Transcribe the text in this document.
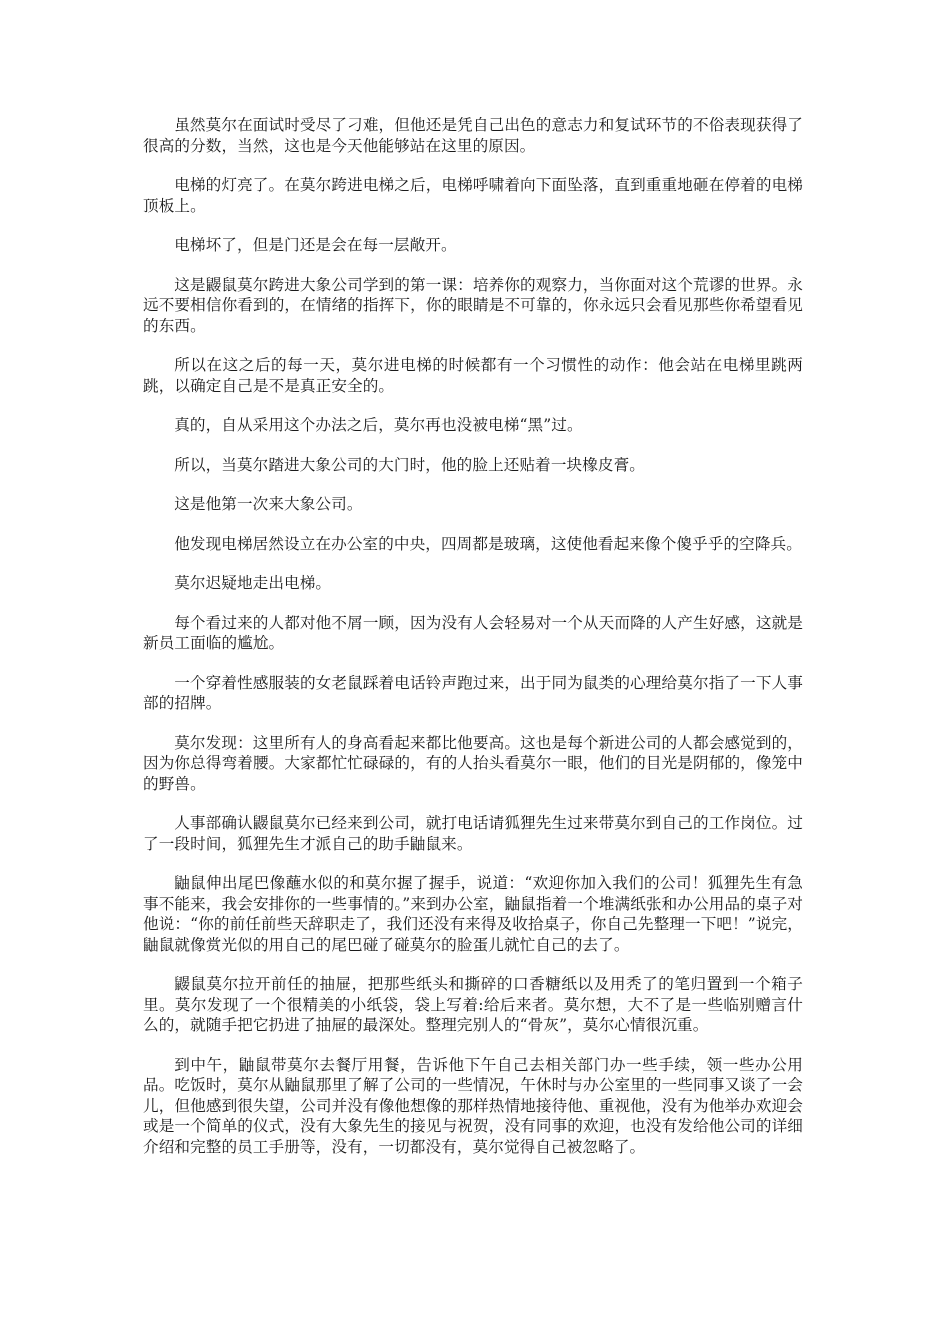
虽然莫尔在面试时受尽了刁难，但他还是凭自己出色的意志力和复试环节的不俗表现获得了很高的分数，当然，这也是今天他能够站在这里的原因。

电梯的灯亮了。在莫尔跨进电梯之后，电梯呼啸着向下面坠落，直到重重地砸在停着的电梯顶板上。

电梯坏了，但是门还是会在每一层敞开。

这是鼹鼠莫尔跨进大象公司学到的第一课：培养你的观察力，当你面对这个荒谬的世界。永远不要相信你看到的，在情绪的指挥下，你的眼睛是不可靠的，你永远只会看见那些你希望看见的东西。

所以在这之后的每一天，莫尔进电梯的时候都有一个习惯性的动作：他会站在电梯里跳两跳，以确定自己是不是真正安全的。

真的，自从采用这个办法之后，莫尔再也没被电梯“黑”过。

所以，当莫尔踏进大象公司的大门时，他的脸上还贴着一块橡皮膏。

这是他第一次来大象公司。

他发现电梯居然设立在办公室的中央，四周都是玻璃，这使他看起来像个傻乎乎的空降兵。

莫尔迟疑地走出电梯。

每个看过来的人都对他不屑一顾，因为没有人会轻易对一个从天而降的人产生好感，这就是新员工面临的尴尬。

一个穿着性感服装的女老鼠踩着电话铃声跑过来，出于同为鼠类的心理给莫尔指了一下人事部的招牌。

莫尔发现：这里所有人的身高看起来都比他要高。这也是每个新进公司的人都会感觉到的，因为你总得弯着腰。大家都忙忙碌碌的，有的人抬头看莫尔一眼，他们的目光是阴郁的，像笼中的野兽。

人事部确认鼹鼠莫尔已经来到公司，就打电话请狐狸先生过来带莫尔到自己的工作岗位。过了一段时间，狐狸先生才派自己的助手鼬鼠来。

鼬鼠伸出尾巴像蘸水似的和莫尔握了握手，说道：“欢迎你加入我们的公司！狐狸先生有急事不能来，我会安排你的一些事情的。”来到办公室，鼬鼠指着一个堆满纸张和办公用品的桌子对他说：“你的前任前些天辞职走了，我们还没有来得及收拾桌子，你自己先整理一下吧！”说完，鼬鼠就像赏光似的用自己的尾巴碰了碰莫尔的脸蛋儿就忙自己的去了。

鼹鼠莫尔拉开前任的抽屉，把那些纸头和撕碎的口香糖纸以及用秃了的笔归置到一个箱子里。莫尔发现了一个很精美的小纸袋，袋上写着:给后来者。莫尔想，大不了是一些临别赠言什么的，就随手把它扔进了抽屉的最深处。整理完别人的“骨灰”，莫尔心情很沉重。

到中午，鼬鼠带莫尔去餐厅用餐，告诉他下午自己去相关部门办一些手续，领一些办公用品。吃饭时，莫尔从鼬鼠那里了解了公司的一些情况，午休时与办公室里的一些同事又谈了一会儿，但他感到很失望，公司并没有像他想像的那样热情地接待他、重视他，没有为他举办欢迎会或是一个简单的仪式，没有大象先生的接见与祝贺，没有同事的欢迎，也没有发给他公司的详细介绍和完整的员工手册等，没有，一切都没有，莫尔觉得自己被忽略了。
